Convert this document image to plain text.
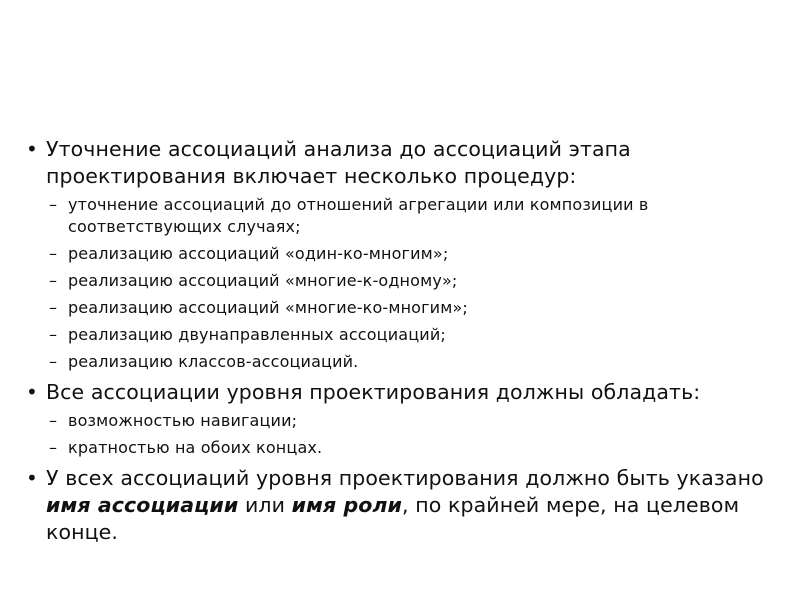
• Уточнение ассоциаций анализа до ассоциаций этапа проектирования включает несколько процедур:
– уточнение ассоциаций до отношений агрегации или композиции в соответствующих случаях;
– реализацию ассоциаций «один-ко-многим»;
– реализацию ассоциаций «многие-к-одному»;
– реализацию ассоциаций «многие-ко-многим»;
– реализацию двунаправленных ассоциаций;
– реализацию классов-ассоциаций.
• Все ассоциации уровня проектирования должны обладать:
– возможностью навигации;
– кратностью на обоих концах.
• У всех ассоциаций уровня проектирования должно быть указано имя ассоциации или имя роли, по крайней мере, на целевом конце.
